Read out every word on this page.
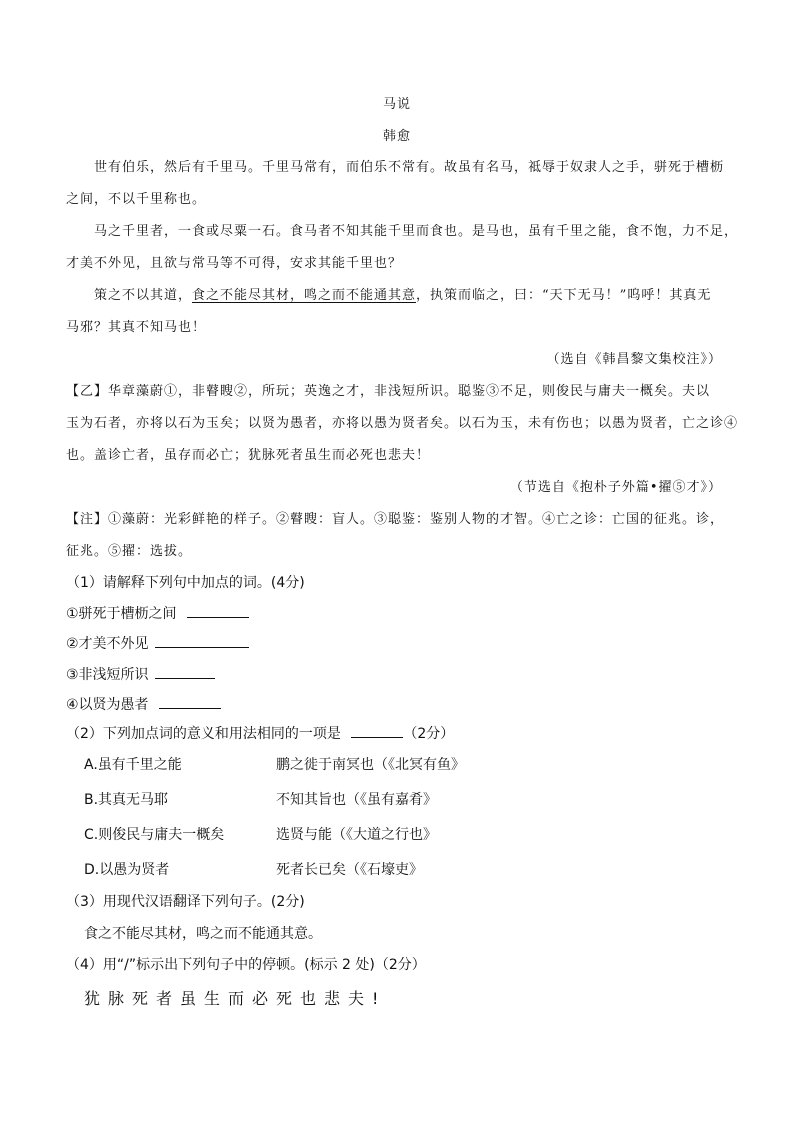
马说
韩愈
世有伯乐，然后有千里马。千里马常有，而伯乐不常有。故虽有名马，祗辱于奴隶人之手，骈死于槽枥
之间，不以千里称也。
马之千里者，一食或尽粟一石。食马者不知其能千里而食也。是马也，虽有千里之能，食不饱，力不足，
才美不外见，且欲与常马等不可得，安求其能千里也？
策之不以其道，食之不能尽其材，鸣之而不能通其意，执策而临之，曰：“天下无马！”呜呼！其真无
马邪？其真不知马也！
（选自《韩昌黎文集校注》）
【乙】华章藻蔚①，非瞽瞍②，所玩；英逸之才，非浅短所识。聪鉴③不足，则俊民与庸夫一概矣。夫以
玉为石者，亦将以石为玉矣；以贤为愚者，亦将以愚为贤者矣。以石为玉，未有伤也；以愚为贤者，亡之诊④
也。盖诊亡者，虽存而必亡；犹脉死者虽生而必死也悲夫！
（节选自《抱朴子外篇•擢⑤才》）
【注】①藻蔚：光彩鲜艳的样子。②瞽瞍：盲人。③聪鉴：鉴别人物的才智。④亡之诊：亡国的征兆。诊，
征兆。⑤擢：选拔。
（1）请解释下列句中加点的词。(4分)
①骈死于槽枥之间
②才美不外见
③非浅短所识
④以贤为愚者
（2）下列加点词的意义和用法相同的一项是	（2分）
A.虽有千里之能	鹏之徙于南冥也（《北冥有鱼》
B.其真无马耶	不知其旨也（《虽有嘉肴》
C.则俊民与庸夫一概矣	选贤与能（《大道之行也》
D.以愚为贤者	死者长已矣（《石壕吏》
（3）用现代汉语翻译下列句子。(2分)
食之不能尽其材，鸣之而不能通其意。
（4）用“/”标示出下列句子中的停顿。(标示 2 处)（2分）
犹脉死者虽生而必死也悲夫!
